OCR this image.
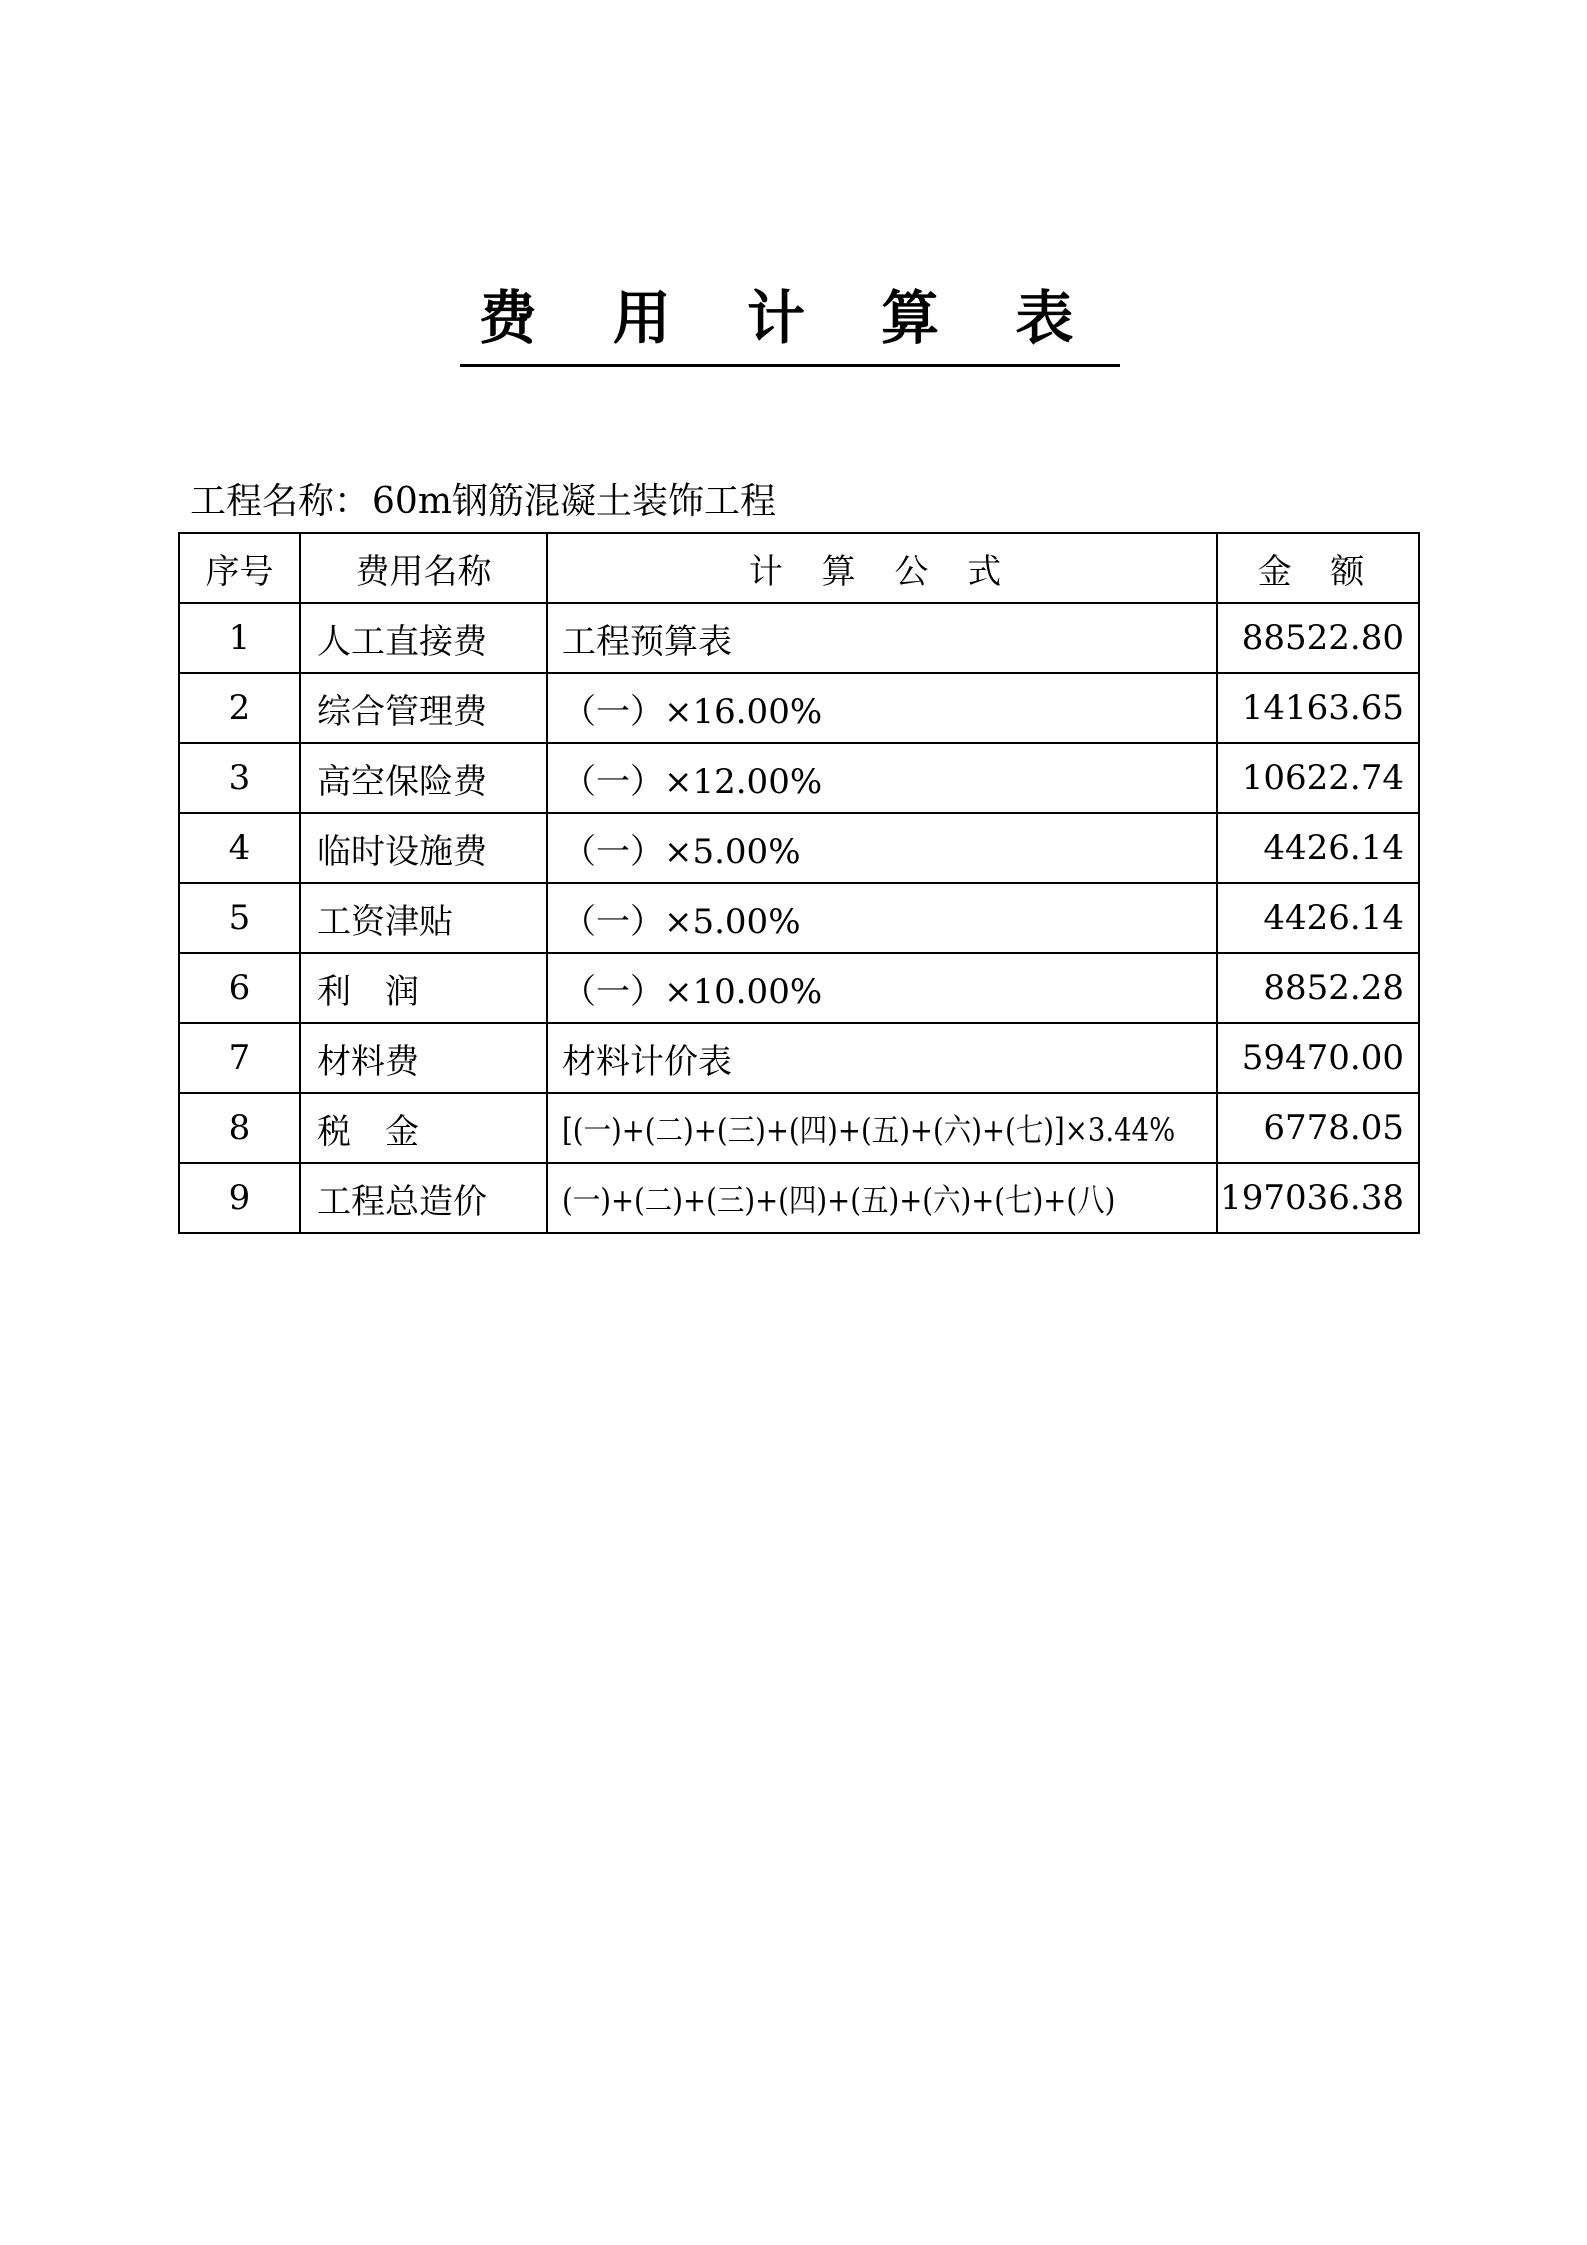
费 用 计 算 表
工程名称：60m钢筋混凝土装饰工程
序号	费用名称	计 算 公 式	金 额
1	人工直接费	工程预算表	88522.80
2	综合管理费	（一）×16.00%	14163.65
3	高空保险费	（一）×12.00%	10622.74
4	临时设施费	（一）×5.00%	4426.14
5	工资津贴	（一）×5.00%	4426.14
6	利　润	（一）×10.00%	8852.28
7	材料费	材料计价表	59470.00
8	税　金	[(一)+(二)+(三)+(四)+(五)+(六)+(七)]×3.44%	6778.05
9	工程总造价	(一)+(二)+(三)+(四)+(五)+(六)+(七)+(八)	197036.38
